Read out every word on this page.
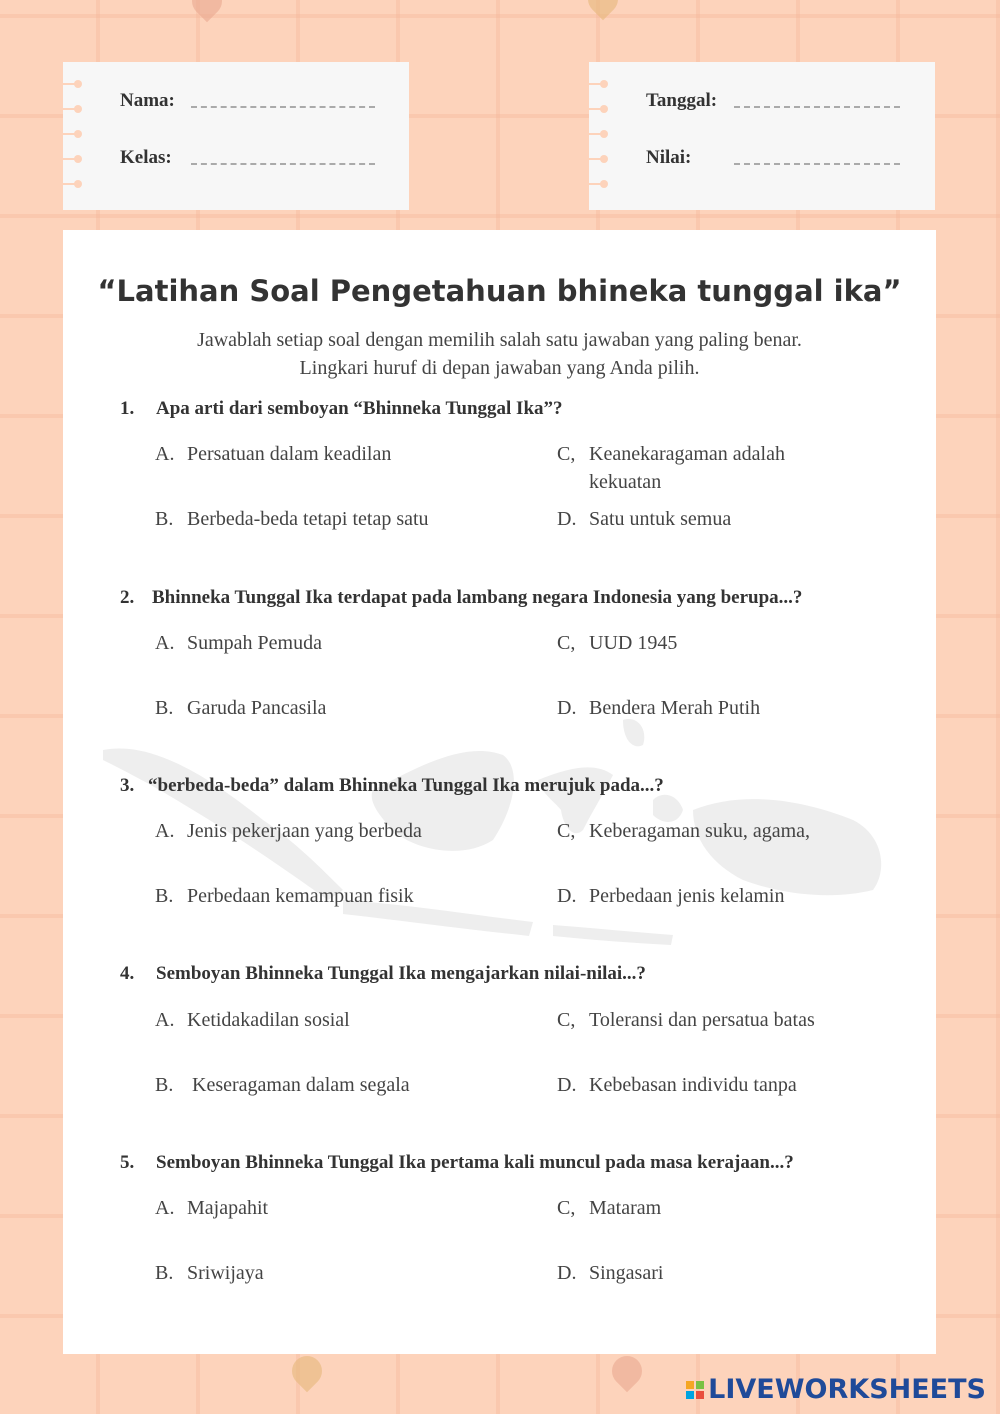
Nama:
Kelas:
Tanggal:
Nilai:
“Latihan Soal Pengetahuan bhineka tunggal ika”
Jawablah setiap soal dengan memilih salah satu jawaban yang paling benar. Lingkari huruf di depan jawaban yang Anda pilih.
1. Apa arti dari semboyan “Bhinneka Tunggal Ika”?
A. Persatuan dalam keadilan	C, Keanekaragaman adalah kekuatan
B. Berbeda-beda tetapi tetap satu	D. Satu untuk semua
2. Bhinneka Tunggal Ika terdapat pada lambang negara Indonesia yang berupa...?
A. Sumpah Pemuda	C, UUD 1945
B. Garuda Pancasila	D. Bendera Merah Putih
3. “berbeda-beda” dalam Bhinneka Tunggal Ika merujuk pada...?
A. Jenis pekerjaan yang berbeda	C, Keberagaman suku, agama,
B. Perbedaan kemampuan fisik	D. Perbedaan jenis kelamin
4. Semboyan Bhinneka Tunggal Ika mengajarkan nilai-nilai...?
A. Ketidakadilan sosial	C, Toleransi dan persatua batas
B. Keseragaman dalam segala	D. Kebebasan individu tanpa
5. Semboyan Bhinneka Tunggal Ika pertama kali muncul pada masa kerajaan...?
A. Majapahit	C, Mataram
B. Sriwijaya	D. Singasari
LIVEWORKSHEETS
